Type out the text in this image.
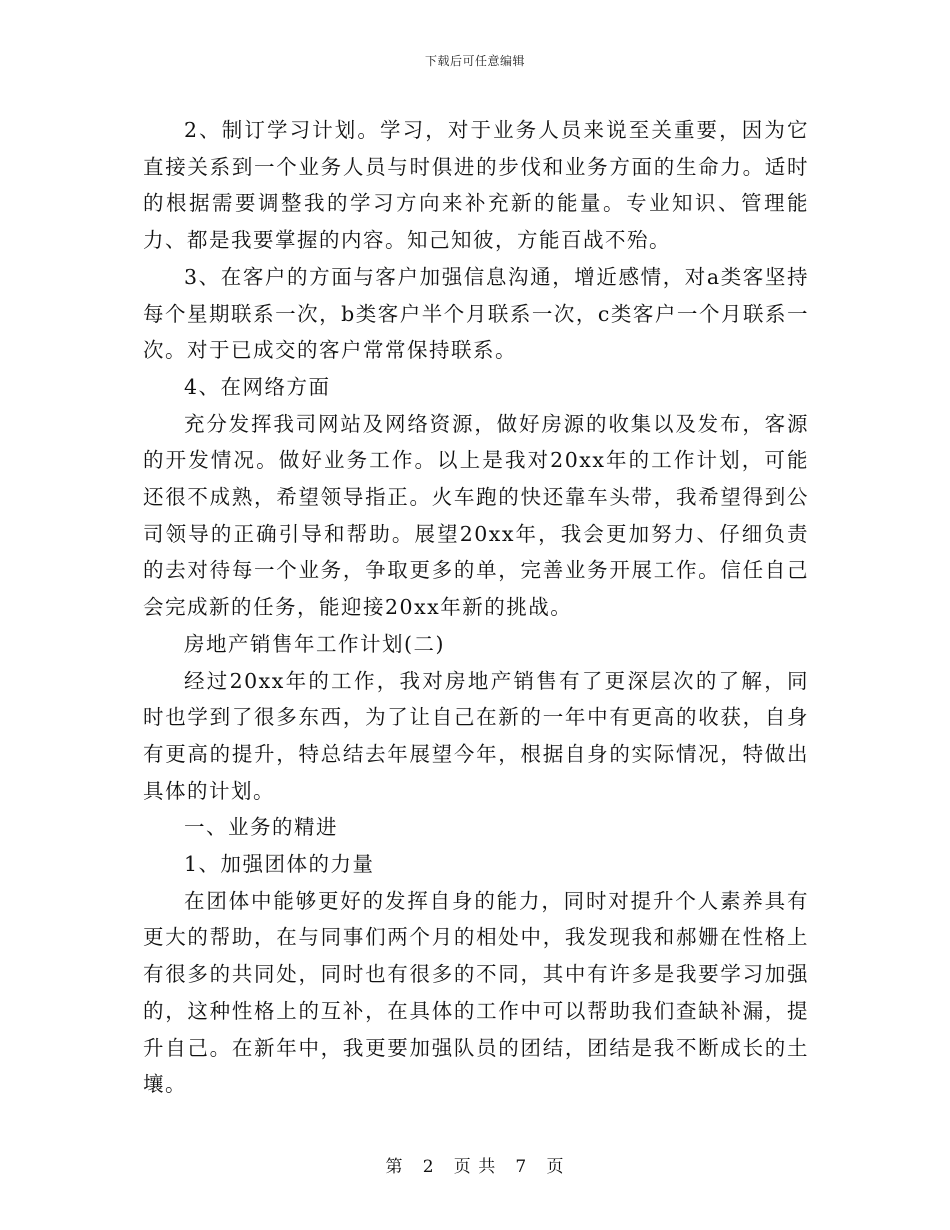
下载后可任意编辑

2、制订学习计划。学习，对于业务人员来说至关重要，因为它直接关系到一个业务人员与时俱进的步伐和业务方面的生命力。适时的根据需要调整我的学习方向来补充新的能量。专业知识、管理能力、都是我要掌握的内容。知己知彼，方能百战不殆。

3、在客户的方面与客户加强信息沟通，增近感情，对a类客坚持每个星期联系一次，b类客户半个月联系一次，c类客户一个月联系一次。对于已成交的客户常常保持联系。

4、在网络方面

充分发挥我司网站及网络资源，做好房源的收集以及发布，客源的开发情况。做好业务工作。以上是我对20xx年的工作计划，可能还很不成熟，希望领导指正。火车跑的快还靠车头带，我希望得到公司领导的正确引导和帮助。展望20xx年，我会更加努力、仔细负责的去对待每一个业务，争取更多的单，完善业务开展工作。信任自己会完成新的任务，能迎接20xx年新的挑战。

房地产销售年工作计划(二)

经过20xx年的工作，我对房地产销售有了更深层次的了解，同时也学到了很多东西，为了让自己在新的一年中有更高的收获，自身有更高的提升，特总结去年展望今年，根据自身的实际情况，特做出具体的计划。

一、业务的精进

1、加强团体的力量

在团体中能够更好的发挥自身的能力，同时对提升个人素养具有更大的帮助，在与同事们两个月的相处中，我发现我和郝姗在性格上有很多的共同处，同时也有很多的不同，其中有许多是我要学习加强的，这种性格上的互补，在具体的工作中可以帮助我们查缺补漏，提升自己。在新年中，我更要加强队员的团结，团结是我不断成长的土壤。

第 2 页 共 7 页
